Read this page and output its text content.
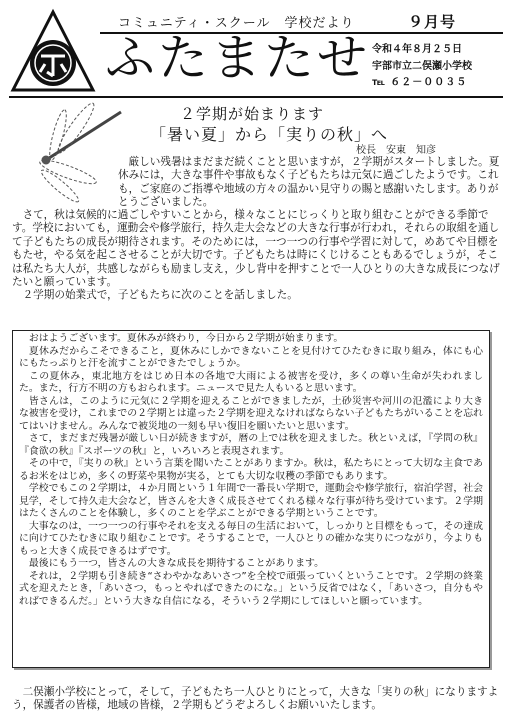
コミュニティ・スクール　学校だより	９月号
ふたまたせ 令和４年８月２５日
宇部市立二俣瀬小学校
℡ ６２－００３５
２学期が始まります
「暑い夏」から「実りの秋」へ
校長　安東　知彦

厳しい残暑はまだまだ続くことと思いますが，２学期がスタートしました。夏休みには，大きな事件や事故もなく子どもたちは元気に過ごしたようです。これも，ご家庭のご指導や地域の方々の温かい見守りの賜と感謝いたします。ありがとうございました。

さて，秋は気候的に過ごしやすいことから，様々なことにじっくりと取り組むことができる季節です。学校においても，運動会や修学旅行，持久走大会などの大きな行事が行われ，それらの取組を通して子どもたちの成長が期待されます。そのためには，一つ一つの行事や学習に対して，めあてや目標をもたせ，やる気を起こさせることが大切です。子どもたちは時にくじけることもあるでしょうが，そこは私たち大人が，共感しながらも励まし支え，少し背中を押すことで一人ひとりの大きな成長につなげたいと願っています。

２学期の始業式で，子どもたちに次のことを話しました。

おはようございます。夏休みが終わり，今日から２学期が始まります。

夏休みだからこそできること，夏休みにしかできないことを見付けてひたむきに取り組み，体にも心にもたっぷりと汗を流すことができたでしょうか。

この夏休み，東北地方をはじめ日本の各地で大雨による被害を受け，多くの尊い生命が失われました。また，行方不明の方もおられます。ニュースで見た人もいると思います。

皆さんは，このように元気に２学期を迎えることができましたが，土砂災害や河川の氾濫により大きな被害を受け，これまでの２学期とは違った２学期を迎えなければならない子どもたちがいることを忘れてはいけません。みんなで被災地の一刻も早い復旧を願いたいと思います。

さて，まだまだ残暑が厳しい日が続きますが，暦の上では秋を迎えました。秋といえば，『学問の秋』『食欲の秋』『スポーツの秋』と，いろいろと表現されます。

その中で，『実りの秋』という言葉を聞いたことがありますか。秋は，私たちにとって大切な主食であるお米をはじめ，多くの野菜や果物が実る，とても大切な収穫の季節でもあります。

学校でもこの２学期は，４か月間という１年間で一番長い学期で，運動会や修学旅行，宿泊学習，社会見学，そして持久走大会など，皆さんを大きく成長させてくれる様々な行事が待ち受けています。２学期はたくさんのことを体験し，多くのことを学ぶことができる学期ということです。

大事なのは，一つ一つの行事やそれを支える毎日の生活において，しっかりと目標をもって，その達成に向けてひたむきに取り組むことです。そうすることで，一人ひとりの確かな実りにつながり，今よりももっと大きく成長できるはずです。

最後にもう一つ，皆さんの大きな成長を期待することがあります。

それは，２学期も引き続き“さわやかなあいさつ”を全校で頑張っていくということです。２学期の終業式を迎えたとき，「あいさつ，もっとやればできたのにな。」という反省ではなく，「あいさつ，自分もやればできるんだ。」という大きな自信になる，そういう２学期にしてほしいと願っています。

二俣瀬小学校にとって，そして，子どもたち一人ひとりにとって，大きな「実りの秋」になりますよう，保護者の皆様，地域の皆様，２学期もどうぞよろしくお願いいたします。
